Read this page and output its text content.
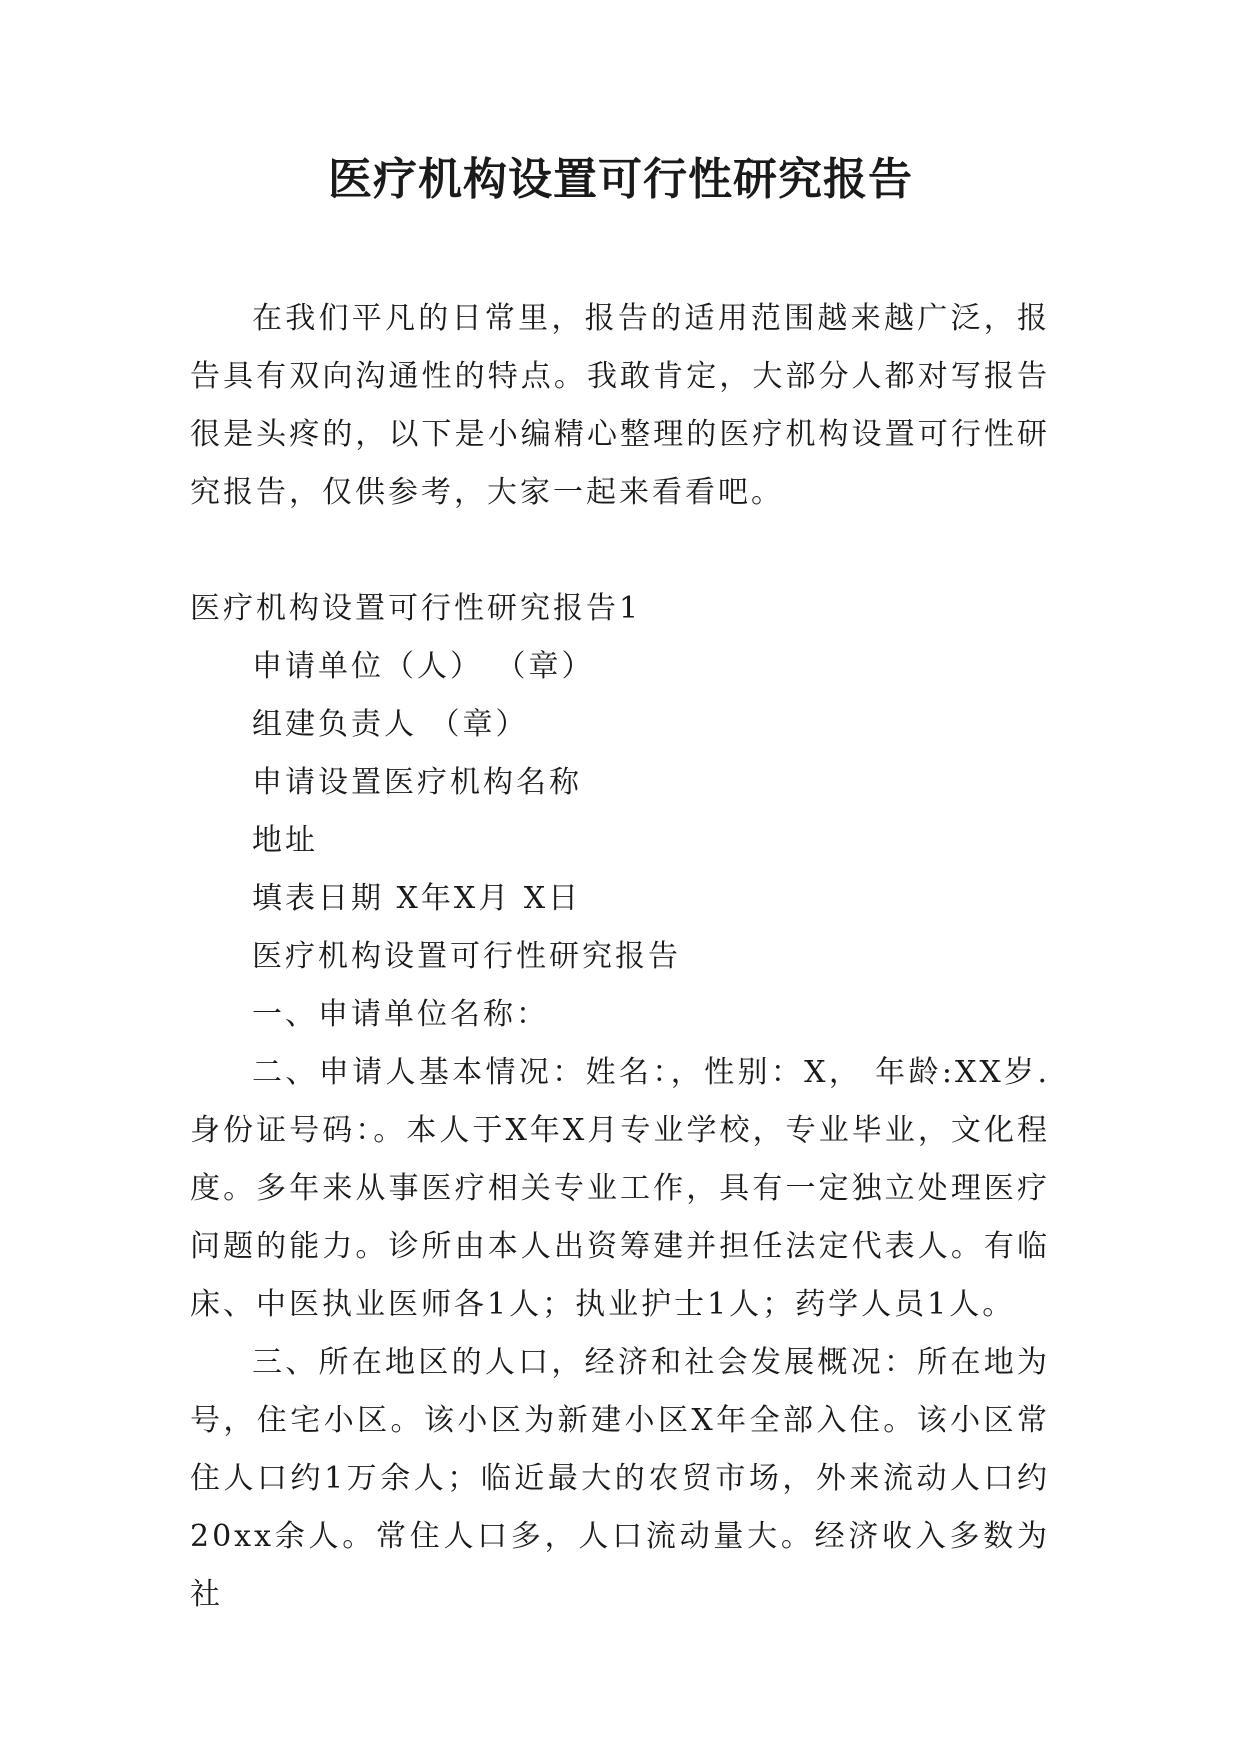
医疗机构设置可行性研究报告

在我们平凡的日常里，报告的适用范围越来越广泛，报告具有双向沟通性的特点。我敢肯定，大部分人都对写报告很是头疼的，以下是小编精心整理的医疗机构设置可行性研究报告，仅供参考，大家一起来看看吧。

医疗机构设置可行性研究报告1

申请单位（人） （章）
组建负责人 （章）
申请设置医疗机构名称
地址
填表日期 X年X月 X日
医疗机构设置可行性研究报告
一、申请单位名称：
二、申请人基本情况：姓名：，性别：X， 年龄:XX岁.身份证号码：。本人于X年X月专业学校，专业毕业，文化程度。多年来从事医疗相关专业工作，具有一定独立处理医疗问题的能力。诊所由本人出资筹建并担任法定代表人。有临床、中医执业医师各1人；执业护士1人；药学人员1人。
三、所在地区的人口，经济和社会发展概况：所在地为号，住宅小区。该小区为新建小区X年全部入住。该小区常住人口约1万余人；临近最大的农贸市场，外来流动人口约20xx余人。常住人口多，人口流动量大。经济收入多数为社
